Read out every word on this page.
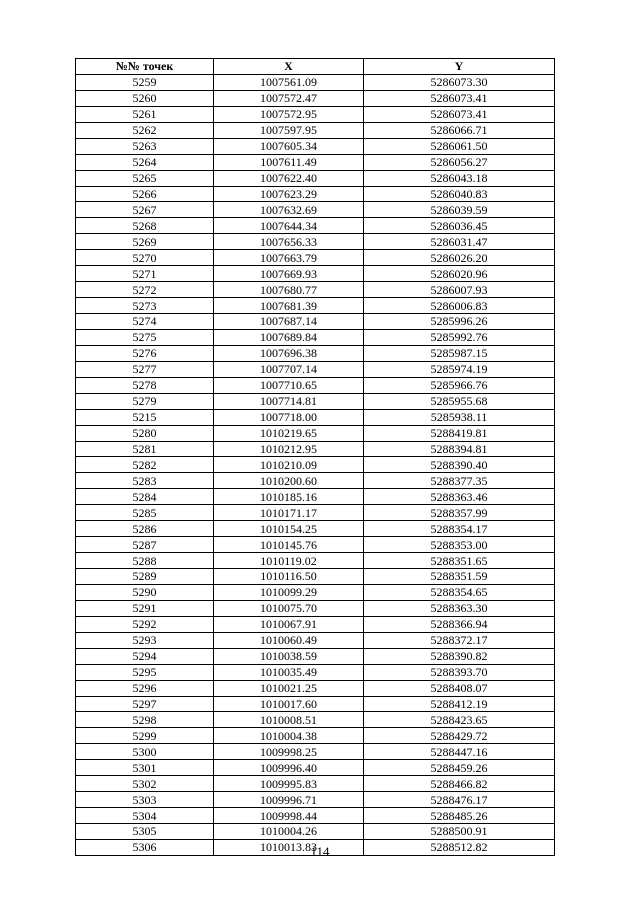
№№ точек	X	Y
5259	1007561.09	5286073.30
5260	1007572.47	5286073.41
5261	1007572.95	5286073.41
5262	1007597.95	5286066.71
5263	1007605.34	5286061.50
5264	1007611.49	5286056.27
5265	1007622.40	5286043.18
5266	1007623.29	5286040.83
5267	1007632.69	5286039.59
5268	1007644.34	5286036.45
5269	1007656.33	5286031.47
5270	1007663.79	5286026.20
5271	1007669.93	5286020.96
5272	1007680.77	5286007.93
5273	1007681.39	5286006.83
5274	1007687.14	5285996.26
5275	1007689.84	5285992.76
5276	1007696.38	5285987.15
5277	1007707.14	5285974.19
5278	1007710.65	5285966.76
5279	1007714.81	5285955.68
5215	1007718.00	5285938.11
5280	1010219.65	5288419.81
5281	1010212.95	5288394.81
5282	1010210.09	5288390.40
5283	1010200.60	5288377.35
5284	1010185.16	5288363.46
5285	1010171.17	5288357.99
5286	1010154.25	5288354.17
5287	1010145.76	5288353.00
5288	1010119.02	5288351.65
5289	1010116.50	5288351.59
5290	1010099.29	5288354.65
5291	1010075.70	5288363.30
5292	1010067.91	5288366.94
5293	1010060.49	5288372.17
5294	1010038.59	5288390.82
5295	1010035.49	5288393.70
5296	1010021.25	5288408.07
5297	1010017.60	5288412.19
5298	1010008.51	5288423.65
5299	1010004.38	5288429.72
5300	1009998.25	5288447.16
5301	1009996.40	5288459.26
5302	1009995.83	5288466.82
5303	1009996.71	5288476.17
5304	1009998.44	5288485.26
5305	1010004.26	5288500.91
5306	1010013.83	5288512.82
114
